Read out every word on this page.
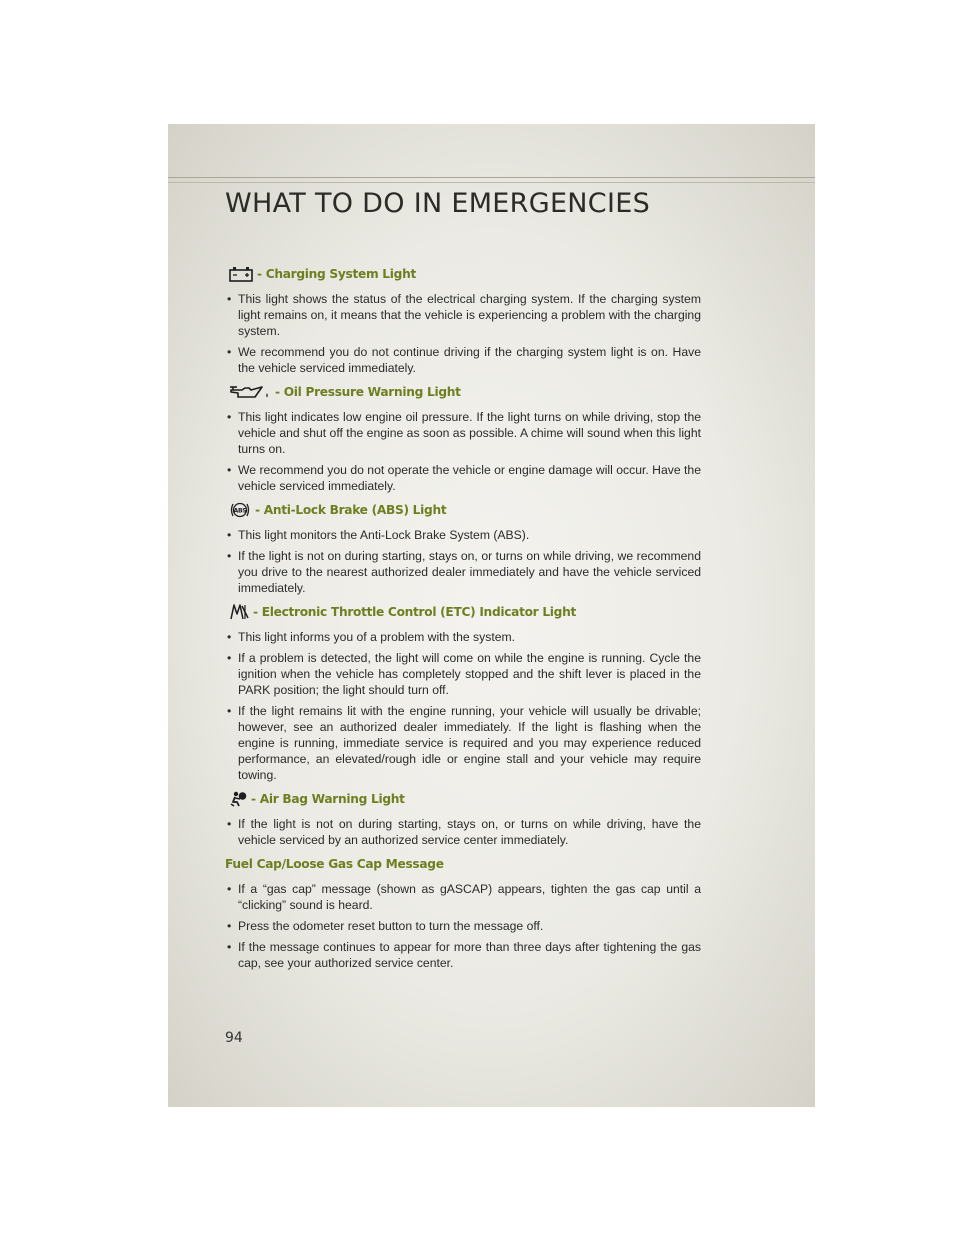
WHAT TO DO IN EMERGENCIES
- Charging System Light
• This light shows the status of the electrical charging system. If the charging system light remains on, it means that the vehicle is experiencing a problem with the charging system.
• We recommend you do not continue driving if the charging system light is on. Have the vehicle serviced immediately.
- Oil Pressure Warning Light
• This light indicates low engine oil pressure. If the light turns on while driving, stop the vehicle and shut off the engine as soon as possible. A chime will sound when this light turns on.
• We recommend you do not operate the vehicle or engine damage will occur. Have the vehicle serviced immediately.
ABS - Anti-Lock Brake (ABS) Light
• This light monitors the Anti-Lock Brake System (ABS).
• If the light is not on during starting, stays on, or turns on while driving, we recommend you drive to the nearest authorized dealer immediately and have the vehicle serviced immediately.
- Electronic Throttle Control (ETC) Indicator Light
• This light informs you of a problem with the system.
• If a problem is detected, the light will come on while the engine is running. Cycle the ignition when the vehicle has completely stopped and the shift lever is placed in the PARK position; the light should turn off.
• If the light remains lit with the engine running, your vehicle will usually be drivable; however, see an authorized dealer immediately. If the light is flashing when the engine is running, immediate service is required and you may experience reduced performance, an elevated/rough idle or engine stall and your vehicle may require towing.
- Air Bag Warning Light
• If the light is not on during starting, stays on, or turns on while driving, have the vehicle serviced by an authorized service center immediately.
Fuel Cap/Loose Gas Cap Message
• If a “gas cap” message (shown as gASCAP) appears, tighten the gas cap until a “clicking” sound is heard.
• Press the odometer reset button to turn the message off.
• If the message continues to appear for more than three days after tightening the gas cap, see your authorized service center.
94
